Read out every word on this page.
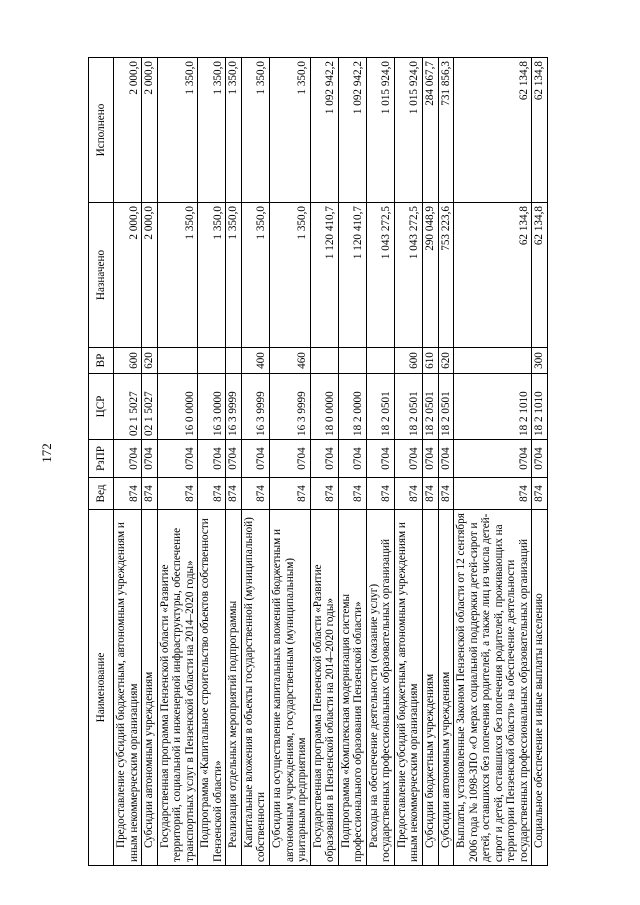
172
Наименование	Вед	РзПР	ЦСР	ВР	Назначено	Исполнено

Предоставление субсидий бюджетным, автономным учреждениям и иным некоммерческим организациям	874	0704	02 1 5027	600	2 000,0	2 000,0

Субсидии автономным учреждениям	874	0704	02 1 5027	620	2 000,0	2 000,0

Государственная программа Пензенской области «Развитие территорий, социальной и инженерной инфраструктуры, обеспечение транспортных услуг в Пензенской области на 2014–2020 годы»	874	0704	16 0 0000		1 350,0	1 350,0

Подпрограмма «Капитальное строительство объектов собственности Пензенской области»	874	0704	16 3 0000		1 350,0	1 350,0

Реализация отдельных мероприятий подпрограммы	874	0704	16 3 9999		1 350,0	1 350,0

Капитальные вложения в объекты государственной (муниципальной) собственности	874	0704	16 3 9999	400	1 350,0	1 350,0

Субсидии на осуществление капитальных вложений бюджетным и автономным учреждениям, государственным (муниципальным) унитарным предприятиям	874	0704	16 3 9999	460	1 350,0	1 350,0

Государственная программа Пензенской области «Развитие образования в Пензенской области на 2014–2020 годы»	874	0704	18 0 0000		1 120 410,7	1 092 942,2

Подпрограмма «Комплексная модернизация системы профессионального образования Пензенской области»	874	0704	18 2 0000		1 120 410,7	1 092 942,2

Расходы на обеспечение деятельности (оказание услуг) государственных профессиональных образовательных организаций	874	0704	18 2 0501		1 043 272,5	1 015 924,0

Предоставление субсидий бюджетным, автономным учреждениям и иным некоммерческим организациям	874	0704	18 2 0501	600	1 043 272,5	1 015 924,0

Субсидии бюджетным учреждениям	874	0704	18 2 0501	610	290 048,9	284 067,7

Субсидии автономным учреждениям	874	0704	18 2 0501	620	753 223,6	731 856,3

Выплаты, установленные Законом Пензенской области от 12 сентября 2006 года № 1098-ЗПО «О мерах социальной поддержки детей-сирот и детей, оставшихся без попечения родителей, а также лиц из числа детей-сирот и детей, оставшихся без попечения родителей, проживающих на территории Пензенской области» на обеспечение деятельности государственных профессиональных образовательных организаций	874	0704	18 2 1010		62 134,8	62 134,8

Социальное обеспечение и иные выплаты населению	874	0704	18 2 1010	300	62 134,8	62 134,8
